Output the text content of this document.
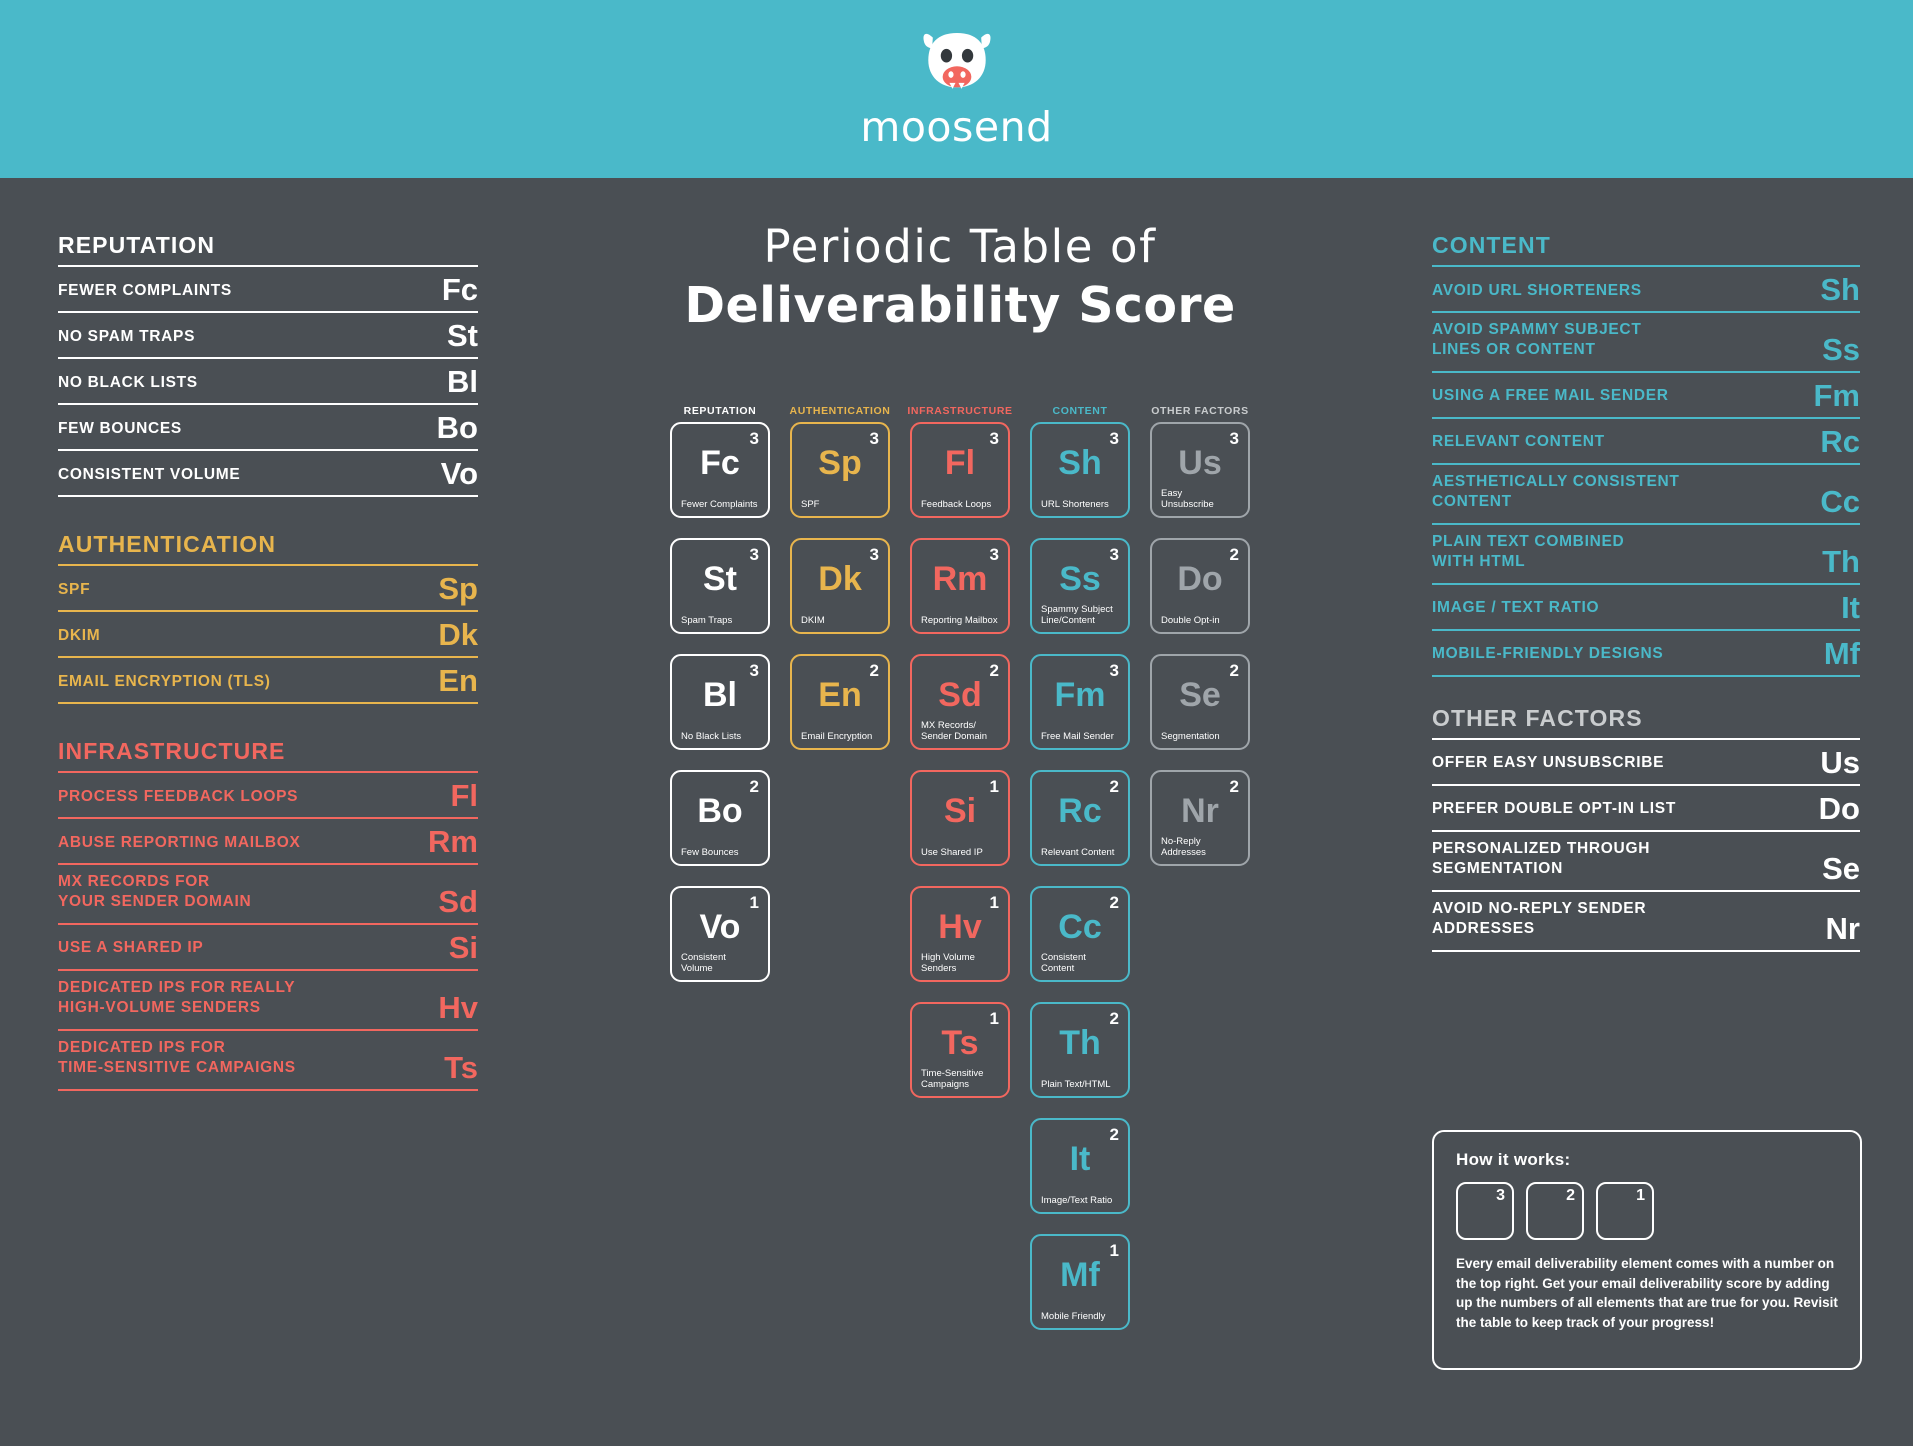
moosend
Periodic Table of
Deliverability Score
REPUTATION
FEWER COMPLAINTS	Fc
NO SPAM TRAPS	St
NO BLACK LISTS	Bl
FEW BOUNCES	Bo
CONSISTENT VOLUME	Vo
AUTHENTICATION
SPF	Sp
DKIM	Dk
EMAIL ENCRYPTION (TLS)	En
INFRASTRUCTURE
PROCESS FEEDBACK LOOPS	Fl
ABUSE REPORTING MAILBOX	Rm
MX RECORDS FOR
YOUR SENDER DOMAIN	Sd
USE A SHARED IP	Si
DEDICATED IPS FOR REALLY
HIGH-VOLUME SENDERS	Hv
DEDICATED IPS FOR
TIME-SENSITIVE CAMPAIGNS	Ts
CONTENT
AVOID URL SHORTENERS	Sh
AVOID SPAMMY SUBJECT
LINES OR CONTENT	Ss
USING A FREE MAIL SENDER	Fm
RELEVANT CONTENT	Rc
AESTHETICALLY CONSISTENT
CONTENT	Cc
PLAIN TEXT COMBINED
WITH HTML	Th
IMAGE / TEXT RATIO	It
MOBILE-FRIENDLY DESIGNS	Mf
OTHER FACTORS
OFFER EASY UNSUBSCRIBE	Us
PREFER DOUBLE OPT-IN LIST	Do
PERSONALIZED THROUGH
SEGMENTATION	Se
AVOID NO-REPLY SENDER
ADDRESSES	Nr
REPUTATION
3
Fc
Fewer Complaints
3
St
Spam Traps
3
Bl
No Black Lists
2
Bo
Few Bounces
1
Vo
Consistent
Volume
AUTHENTICATION
3
Sp
SPF
3
Dk
DKIM
2
En
Email Encryption
INFRASTRUCTURE
3
Fl
Feedback Loops
3
Rm
Reporting Mailbox
2
Sd
MX Records/
Sender Domain
1
Si
Use Shared IP
1
Hv
High Volume
Senders
1
Ts
Time-Sensitive
Campaigns
CONTENT
3
Sh
URL Shorteners
3
Ss
Spammy Subject
Line/Content
3
Fm
Free Mail Sender
2
Rc
Relevant Content
2
Cc
Consistent
Content
2
Th
Plain Text/HTML
2
It
Image/Text Ratio
1
Mf
Mobile Friendly
OTHER FACTORS
3
Us
Easy
Unsubscribe
2
Do
Double Opt-in
2
Se
Segmentation
2
Nr
No-Reply
Addresses
How it works:
3	2	1

Every email deliverability element comes with a number on the top right. Get your email deliverability score by adding up the numbers of all elements that are true for you. Revisit the table to keep track of your progress!
